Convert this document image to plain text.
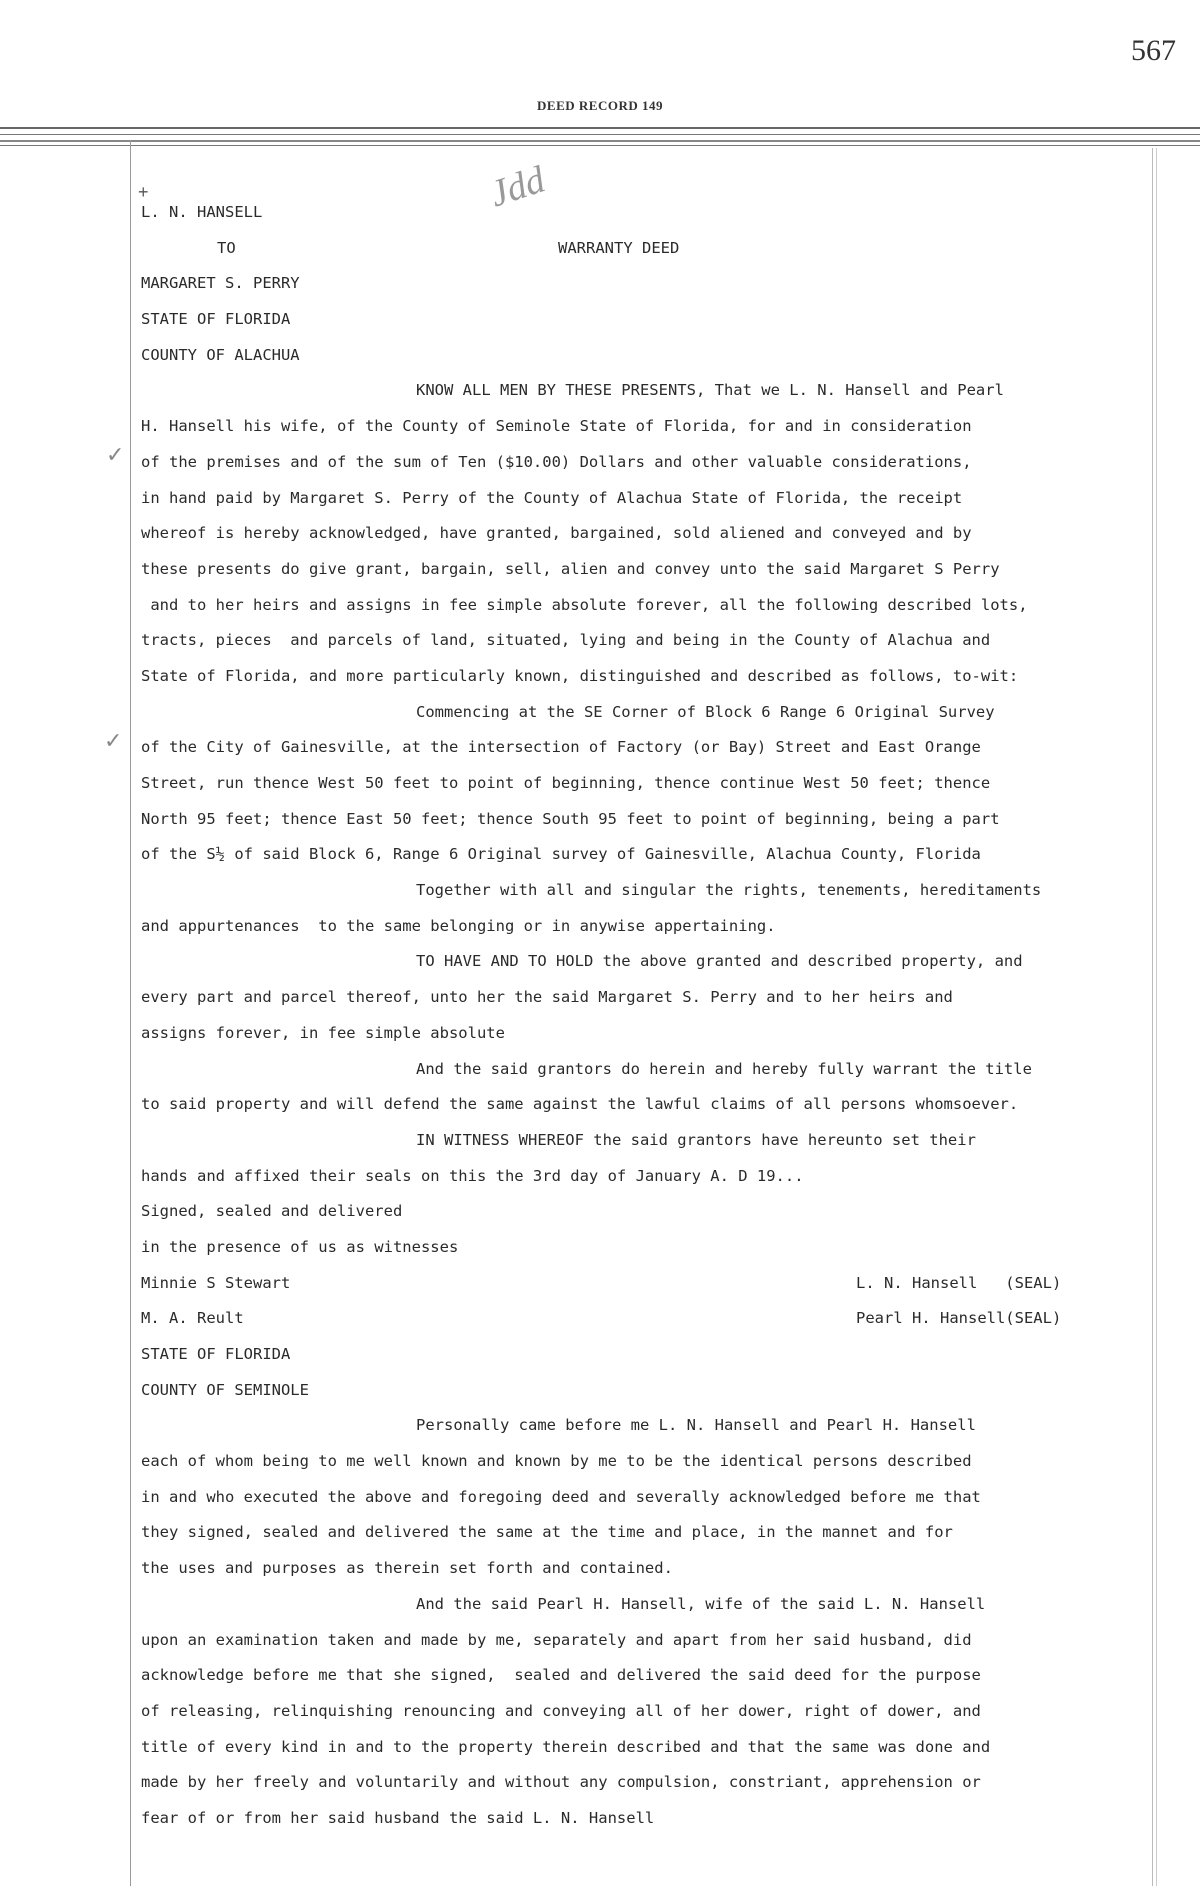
567
DEED RECORD 149
Jdd
+
✓
✓
L. N. HANSELL
TO	WARRANTY DEED
MARGARET S. PERRY
STATE OF FLORIDA
COUNTY OF ALACHUA
KNOW ALL MEN BY THESE PRESENTS, That we L. N. Hansell and Pearl
H. Hansell his wife, of the County of Seminole State of Florida, for and in consideration
of the premises and of the sum of Ten ($10.00) Dollars and other valuable considerations,
in hand paid by Margaret S. Perry of the County of Alachua State of Florida, the receipt
whereof is hereby acknowledged, have granted, bargained, sold aliened and conveyed and by
these presents do give grant, bargain, sell, alien and convey unto the said Margaret S Perry
and to her heirs and assigns in fee simple absolute forever, all the following described lots,
tracts, pieces  and parcels of land, situated, lying and being in the County of Alachua and
State of Florida, and more particularly known, distinguished and described as follows, to-wit:
Commencing at the SE Corner of Block 6 Range 6 Original Survey
of the City of Gainesville, at the intersection of Factory (or Bay) Street and East Orange
Street, run thence West 50 feet to point of beginning, thence continue West 50 feet; thence
North 95 feet; thence East 50 feet; thence South 95 feet to point of beginning, being a part
of the S½ of said Block 6, Range 6 Original survey of Gainesville, Alachua County, Florida
Together with all and singular the rights, tenements, hereditaments
and appurtenances  to the same belonging or in anywise appertaining.
TO HAVE AND TO HOLD the above granted and described property, and
every part and parcel thereof, unto her the said Margaret S. Perry and to her heirs and
assigns forever, in fee simple absolute
And the said grantors do herein and hereby fully warrant the title
to said property and will defend the same against the lawful claims of all persons whomsoever.
IN WITNESS WHEREOF the said grantors have hereunto set their
hands and affixed their seals on this the 3rd day of January A. D 19...
Signed, sealed and delivered
in the presence of us as witnesses
Minnie S Stewart	L. N. Hansell   (SEAL)
M. A. Reult	Pearl H. Hansell(SEAL)
STATE OF FLORIDA
COUNTY OF SEMINOLE
Personally came before me L. N. Hansell and Pearl H. Hansell
each of whom being to me well known and known by me to be the identical persons described
in and who executed the above and foregoing deed and severally acknowledged before me that
they signed, sealed and delivered the same at the time and place, in the mannet and for
the uses and purposes as therein set forth and contained.
And the said Pearl H. Hansell, wife of the said L. N. Hansell
upon an examination taken and made by me, separately and apart from her said husband, did
acknowledge before me that she signed,  sealed and delivered the said deed for the purpose
of releasing, relinquishing renouncing and conveying all of her dower, right of dower, and
title of every kind in and to the property therein described and that the same was done and
made by her freely and voluntarily and without any compulsion, constriant, apprehension or
fear of or from her said husband the said L. N. Hansell
